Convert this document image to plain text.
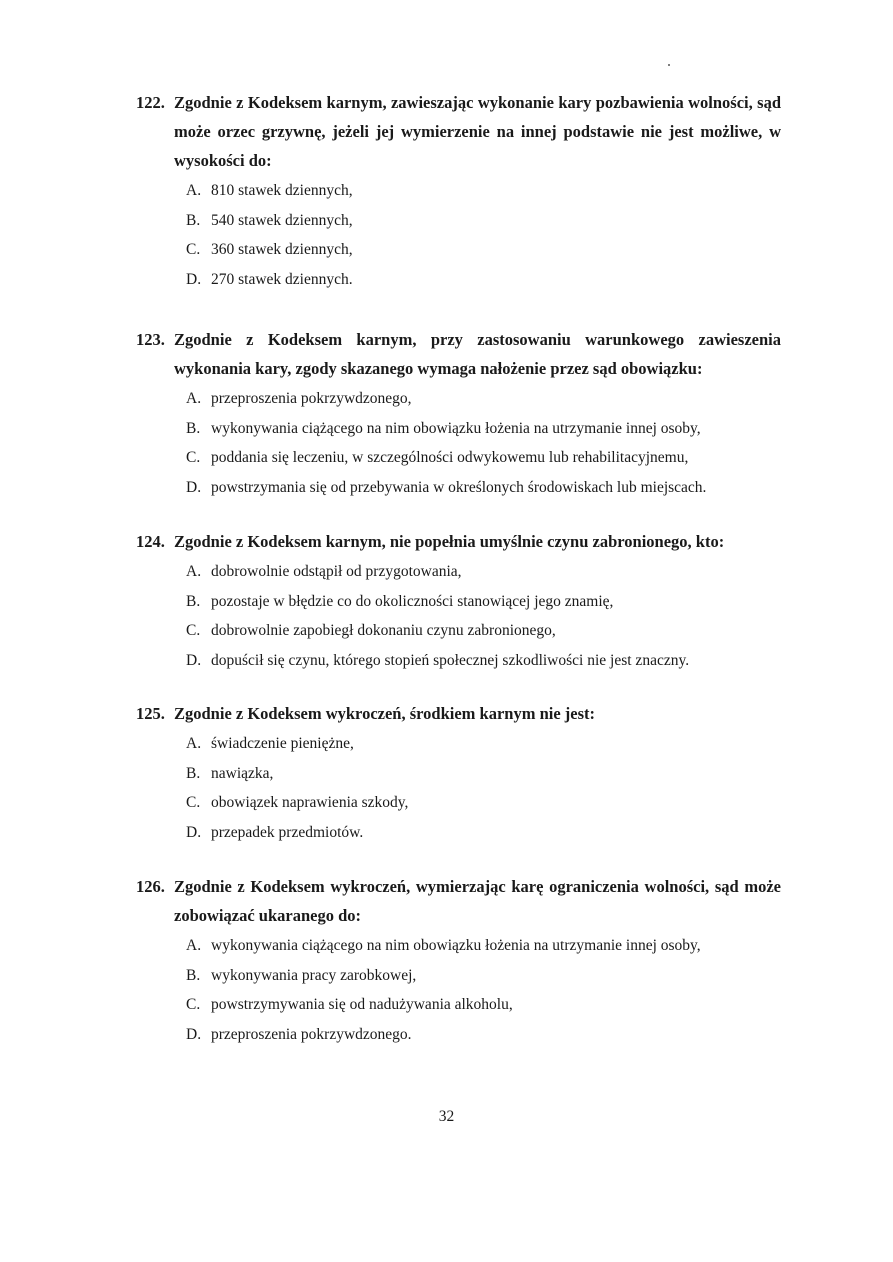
122. Zgodnie z Kodeksem karnym, zawieszając wykonanie kary pozbawienia wolności, sąd może orzec grzywnę, jeżeli jej wymierzenie na innej podstawie nie jest możliwe, w wysokości do:
A. 810 stawek dziennych,
B. 540 stawek dziennych,
C. 360 stawek dziennych,
D. 270 stawek dziennych.
123. Zgodnie z Kodeksem karnym, przy zastosowaniu warunkowego zawieszenia wykonania kary, zgody skazanego wymaga nałożenie przez sąd obowiązku:
A. przeproszenia pokrzywdzonego,
B. wykonywania ciążącego na nim obowiązku łożenia na utrzymanie innej osoby,
C. poddania się leczeniu, w szczególności odwykowemu lub rehabilitacyjnemu,
D. powstrzymania się od przebywania w określonych środowiskach lub miejscach.
124. Zgodnie z Kodeksem karnym, nie popełnia umyślnie czynu zabronionego, kto:
A. dobrowolnie odstąpił od przygotowania,
B. pozostaje w błędzie co do okoliczności stanowiącej jego znamię,
C. dobrowolnie zapobiegł dokonaniu czynu zabronionego,
D. dopuścił się czynu, którego stopień społecznej szkodliwości nie jest znaczny.
125. Zgodnie z Kodeksem wykroczeń, środkiem karnym nie jest:
A. świadczenie pieniężne,
B. nawiązka,
C. obowiązek naprawienia szkody,
D. przepadek przedmiotów.
126. Zgodnie z Kodeksem wykroczeń, wymierzając karę ograniczenia wolności, sąd może zobowiązać ukaranego do:
A. wykonywania ciążącego na nim obowiązku łożenia na utrzymanie innej osoby,
B. wykonywania pracy zarobkowej,
C. powstrzymywania się od nadużywania alkoholu,
D. przeproszenia pokrzywdzonego.
32
